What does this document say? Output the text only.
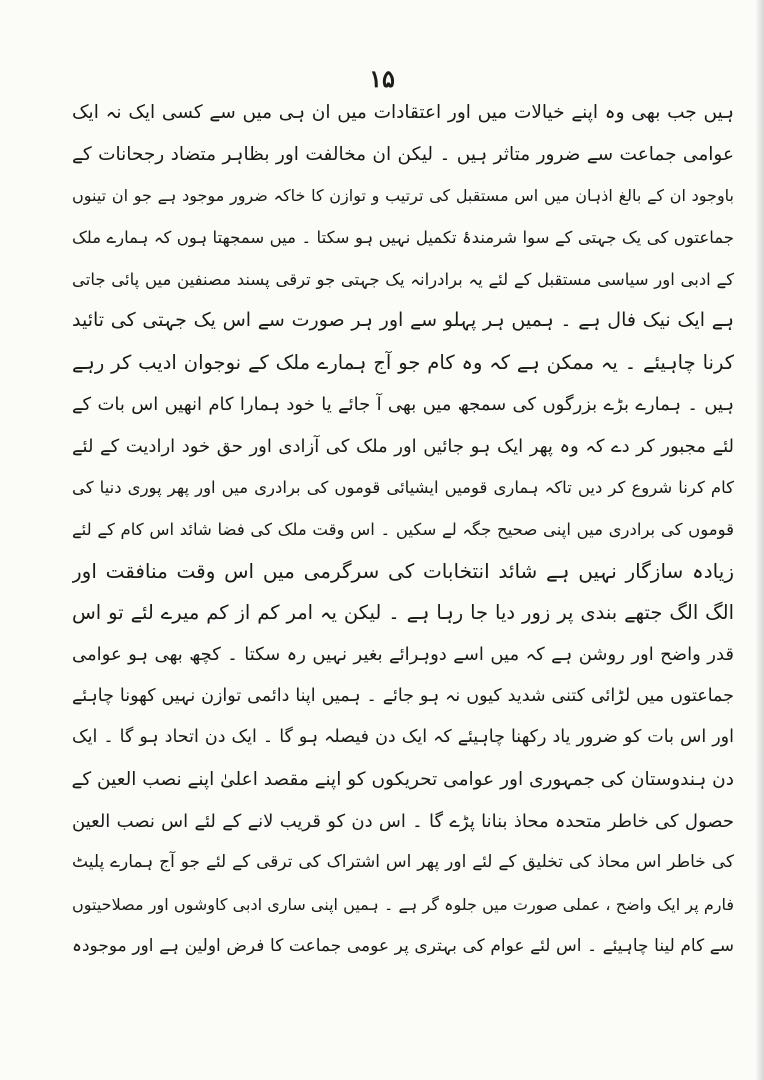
۱۵
ہیں جب بھی وہ اپنے خیالات میں اور اعتقادات میں ان ہی میں سے کسی ایک نہ ایک
عوامی جماعت سے ضرور متاثر ہیں ۔ لیکن ان مخالفت اور بظاہر متضاد رجحانات کے
باوجود ان کے بالغ اذہان میں اس مستقبل کی ترتیب و توازن کا خاکہ ضرور موجود ہے جو ان تینوں
جماعتوں کی یک جہتی کے سوا شرمندۂ تکمیل نہیں ہو سکتا ۔ میں سمجھتا ہوں کہ ہمارے ملک
کے ادبی اور سیاسی مستقبل کے لئے یہ برادرانہ یک جہتی جو ترقی پسند مصنفین میں پائی جاتی
ہے ایک نیک فال ہے ۔ ہمیں ہر پہلو سے اور ہر صورت سے اس یک جہتی کی تائید
کرنا چاہیئے ۔ یہ ممکن ہے کہ وہ کام جو آج ہمارے ملک کے نوجوان ادیب کر رہے
ہیں ۔ ہمارے بڑے بزرگوں کی سمجھ میں بھی آ جائے یا خود ہمارا کام انھیں اس بات کے
لئے مجبور کر دے کہ وہ پھر ایک ہو جائیں اور ملک کی آزادی اور حق خود ارادیت کے لئے
کام کرنا شروع کر دیں تاکہ ہماری قومیں ایشیائی قوموں کی برادری میں اور پھر پوری دنیا کی
قوموں کی برادری میں اپنی صحیح جگہ لے سکیں ۔ اس وقت ملک کی فضا شائد اس کام کے لئے
زیادہ سازگار نہیں ہے شائد انتخابات کی سرگرمی میں اس وقت منافقت اور
الگ الگ جتھے بندی پر زور دیا جا رہا ہے ۔ لیکن یہ امر کم از کم میرے لئے تو اس
قدر واضح اور روشن ہے کہ میں اسے دوہرائے بغیر نہیں رہ سکتا ۔ کچھ بھی ہو عوامی
جماعتوں میں لڑائی کتنی شدید کیوں نہ ہو جائے ۔ ہمیں اپنا دائمی توازن نہیں کھونا چاہئے
اور اس بات کو ضرور یاد رکھنا چاہیئے کہ ایک دن فیصلہ ہو گا ۔ ایک دن اتحاد ہو گا ۔ ایک
دن ہندوستان کی جمہوری اور عوامی تحریکوں کو اپنے مقصد اعلیٰ اپنے نصب العین کے
حصول کی خاطر متحدہ محاذ بنانا پڑے گا ۔ اس دن کو قریب لانے کے لئے اس نصب العین
کی خاطر اس محاذ کی تخلیق کے لئے اور پھر اس اشتراک کی ترقی کے لئے جو آج ہمارے پلیٹ
فارم پر ایک واضح ، عملی صورت میں جلوہ گر ہے ۔ ہمیں اپنی ساری ادبی کاوشوں اور مصلاحیتوں
سے کام لینا چاہیئے ۔ اس لئے عوام کی بہتری پر عومی جماعت کا فرض اولین ہے اور موجودہ
